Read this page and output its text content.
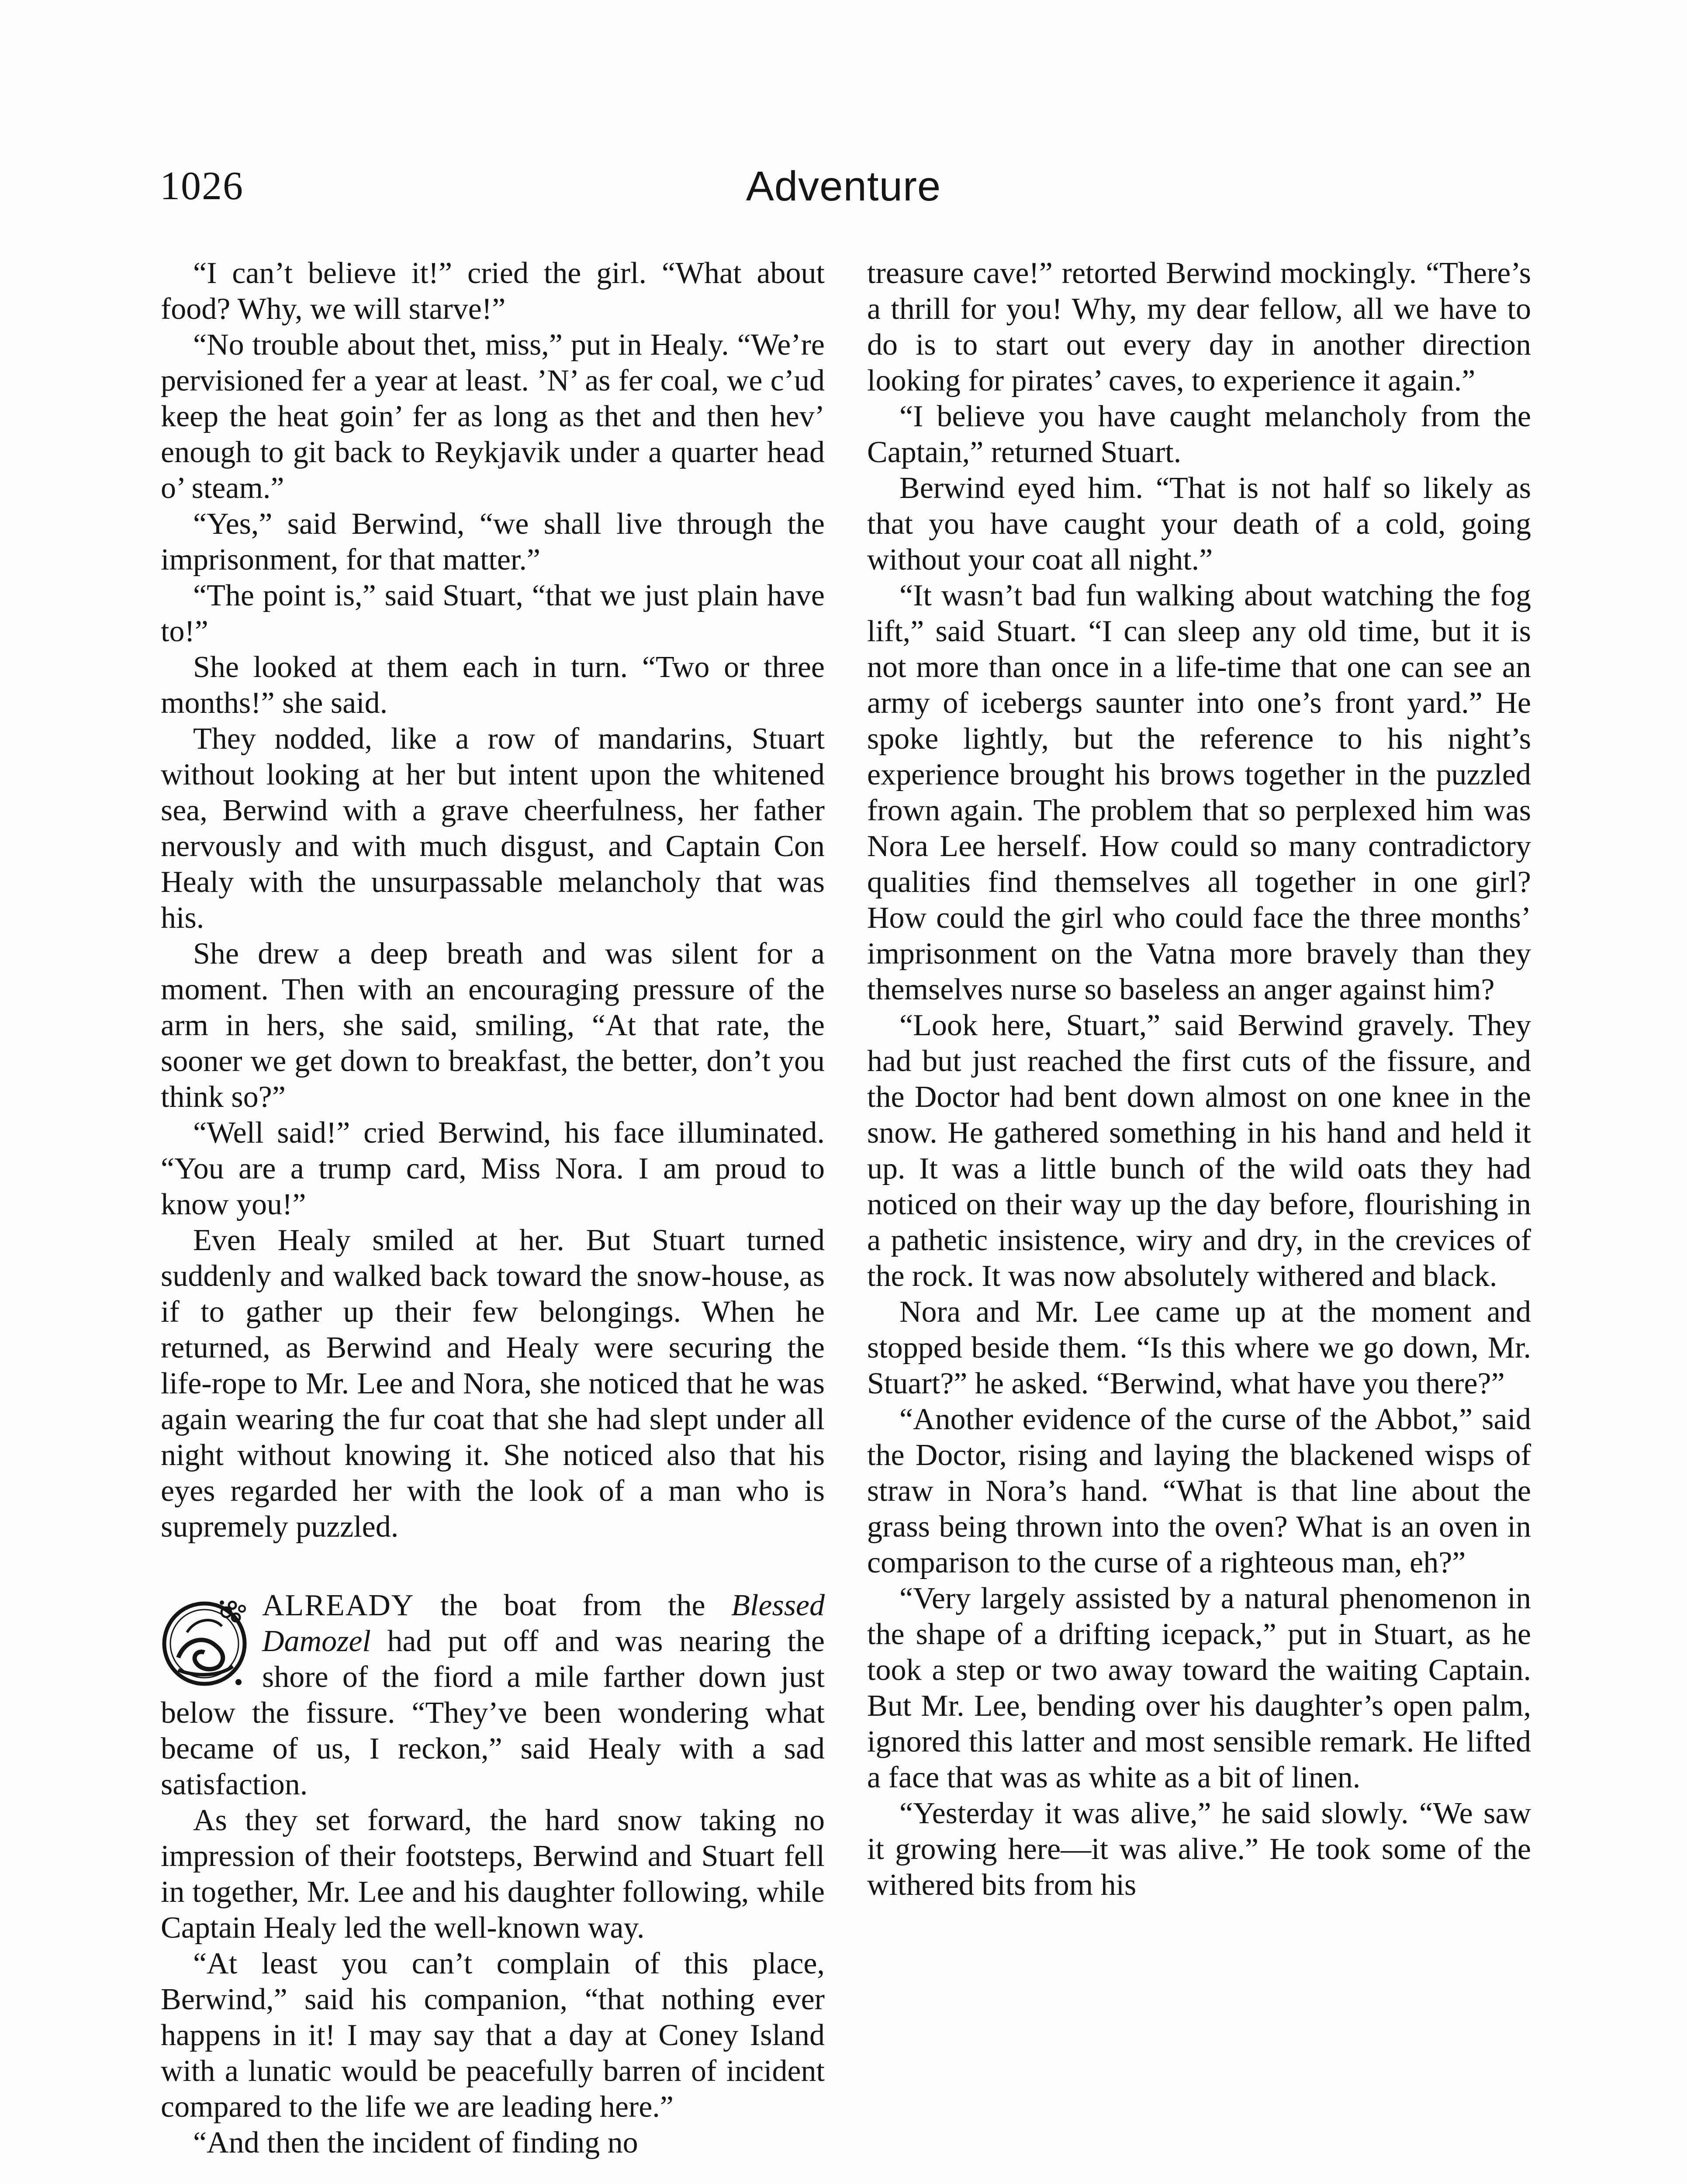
1026	Adventure

“I can’t believe it!” cried the girl. “What about food? Why, we will starve!”

“No trouble about thet, miss,” put in Healy. “We’re pervisioned fer a year at least. ’N’ as fer coal, we c’ud keep the heat goin’ fer as long as thet and then hev’ enough to git back to Reykjavik under a quarter head o’ steam.”

“Yes,” said Berwind, “we shall live through the imprisonment, for that matter.”

“The point is,” said Stuart, “that we just plain have to!”

She looked at them each in turn. “Two or three months!” she said.

They nodded, like a row of mandarins, Stuart without looking at her but intent upon the whitened sea, Berwind with a grave cheerfulness, her father nervously and with much disgust, and Captain Con Healy with the unsurpassable melancholy that was his.

She drew a deep breath and was silent for a moment. Then with an encouraging pressure of the arm in hers, she said, smiling, “At that rate, the sooner we get down to breakfast, the better, don’t you think so?”

“Well said!” cried Berwind, his face illuminated. “You are a trump card, Miss Nora. I am proud to know you!”

Even Healy smiled at her. But Stuart turned suddenly and walked back toward the snow-house, as if to gather up their few belongings. When he returned, as Berwind and Healy were securing the life-rope to Mr. Lee and Nora, she noticed that he was again wearing the fur coat that she had slept under all night without knowing it. She noticed also that his eyes regarded her with the look of a man who is supremely puzzled.

ALREADY the boat from the Blessed Damozel had put off and was nearing the shore of the fiord a mile farther down just below the fissure. “They’ve been wondering what became of us, I reckon,” said Healy with a sad satisfaction.

As they set forward, the hard snow taking no impression of their footsteps, Berwind and Stuart fell in together, Mr. Lee and his daughter following, while Captain Healy led the well-known way.

“At least you can’t complain of this place, Berwind,” said his companion, “that nothing ever happens in it! I may say that a day at Coney Island with a lunatic would be peacefully barren of incident compared to the life we are leading here.”

“And then the incident of finding no

treasure cave!” retorted Berwind mockingly. “There’s a thrill for you! Why, my dear fellow, all we have to do is to start out every day in another direction looking for pirates’ caves, to experience it again.”

“I believe you have caught melancholy from the Captain,” returned Stuart.

Berwind eyed him. “That is not half so likely as that you have caught your death of a cold, going without your coat all night.”

“It wasn’t bad fun walking about watching the fog lift,” said Stuart. “I can sleep any old time, but it is not more than once in a life-time that one can see an army of icebergs saunter into one’s front yard.” He spoke lightly, but the reference to his night’s experience brought his brows together in the puzzled frown again. The problem that so perplexed him was Nora Lee herself. How could so many contradictory qualities find themselves all together in one girl? How could the girl who could face the three months’ imprisonment on the Vatna more bravely than they themselves nurse so baseless an anger against him?

“Look here, Stuart,” said Berwind gravely. They had but just reached the first cuts of the fissure, and the Doctor had bent down almost on one knee in the snow. He gathered something in his hand and held it up. It was a little bunch of the wild oats they had noticed on their way up the day before, flourishing in a pathetic insistence, wiry and dry, in the crevices of the rock. It was now absolutely withered and black.

Nora and Mr. Lee came up at the moment and stopped beside them. “Is this where we go down, Mr. Stuart?” he asked. “Berwind, what have you there?”

“Another evidence of the curse of the Abbot,” said the Doctor, rising and laying the blackened wisps of straw in Nora’s hand. “What is that line about the grass being thrown into the oven? What is an oven in comparison to the curse of a righteous man, eh?”

“Very largely assisted by a natural phenomenon in the shape of a drifting icepack,” put in Stuart, as he took a step or two away toward the waiting Captain. But Mr. Lee, bending over his daughter’s open palm, ignored this latter and most sensible remark. He lifted a face that was as white as a bit of linen.

“Yesterday it was alive,” he said slowly. “We saw it growing here—it was alive.” He took some of the withered bits from his
